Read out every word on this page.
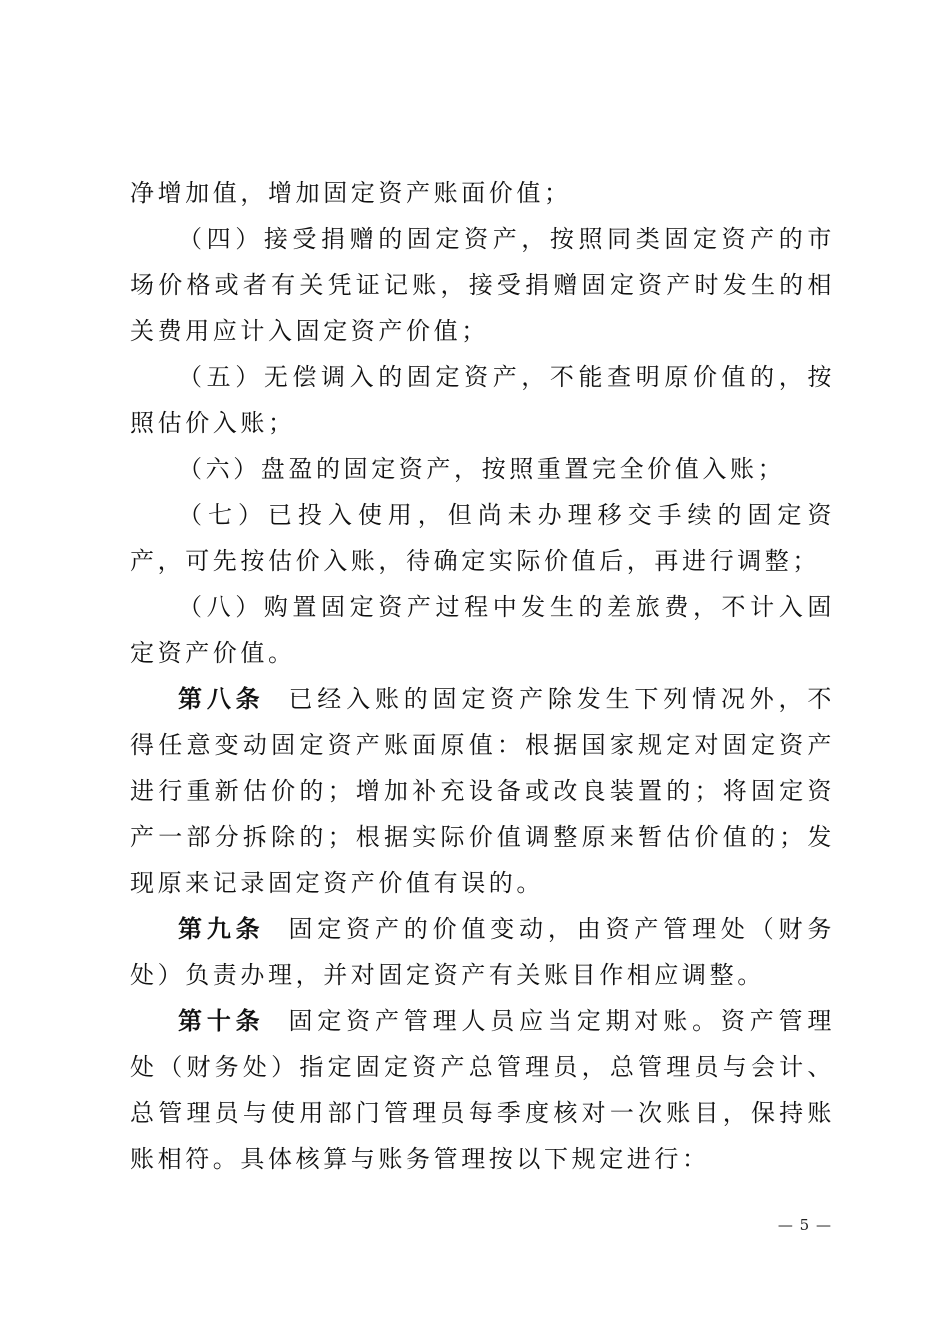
净增加值，增加固定资产账面价值；

（四）接受捐赠的固定资产，按照同类固定资产的市场价格或者有关凭证记账，接受捐赠固定资产时发生的相关费用应计入固定资产价值；

（五）无偿调入的固定资产，不能查明原价值的，按照估价入账；

（六）盘盈的固定资产，按照重置完全价值入账；

（七）已投入使用，但尚未办理移交手续的固定资产，可先按估价入账，待确定实际价值后，再进行调整；

（八）购置固定资产过程中发生的差旅费，不计入固定资产价值。

第八条 已经入账的固定资产除发生下列情况外，不得任意变动固定资产账面原值：根据国家规定对固定资产进行重新估价的；增加补充设备或改良装置的；将固定资产一部分拆除的；根据实际价值调整原来暂估价值的；发现原来记录固定资产价值有误的。

第九条 固定资产的价值变动，由资产管理处（财务处）负责办理，并对固定资产有关账目作相应调整。

第十条 固定资产管理人员应当定期对账。资产管理处（财务处）指定固定资产总管理员，总管理员与会计、总管理员与使用部门管理员每季度核对一次账目，保持账账相符。具体核算与账务管理按以下规定进行：

— 5 —
